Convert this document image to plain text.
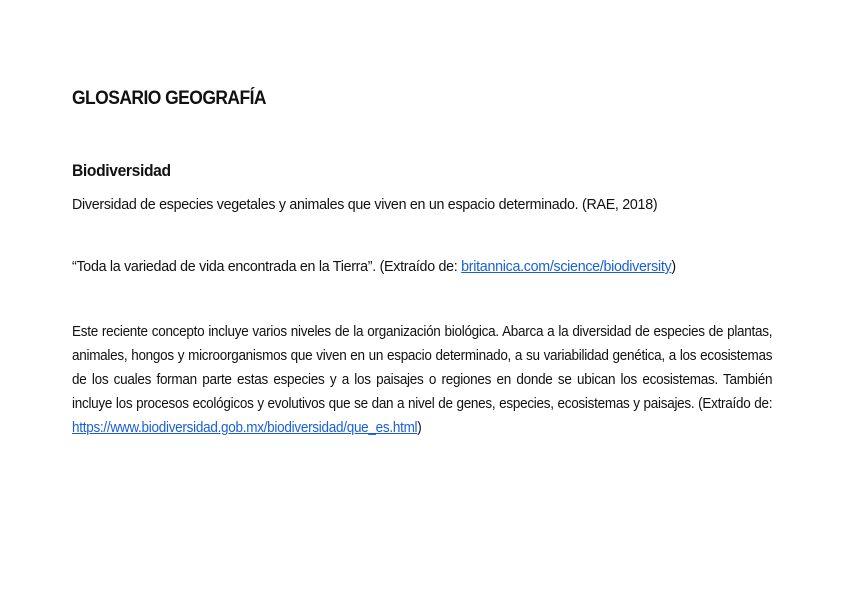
GLOSARIO GEOGRAFÍA
Biodiversidad

Diversidad de especies vegetales y animales que viven en un espacio determinado. (RAE, 2018)

“Toda la variedad de vida encontrada en la Tierra”. (Extraído de: britannica.com/science/biodiversity)

Este reciente concepto incluye varios niveles de la organización biológica. Abarca a la diversidad de especies de plantas, animales, hongos y microorganismos que viven en un espacio determinado, a su variabilidad genética, a los ecosistemas de los cuales forman parte estas especies y a los paisajes o regiones en donde se ubican los ecosistemas. También incluye los procesos ecológicos y evolutivos que se dan a nivel de genes, especies, ecosistemas y paisajes. (Extraído de: https://www.biodiversidad.gob.mx/biodiversidad/que_es.html)
